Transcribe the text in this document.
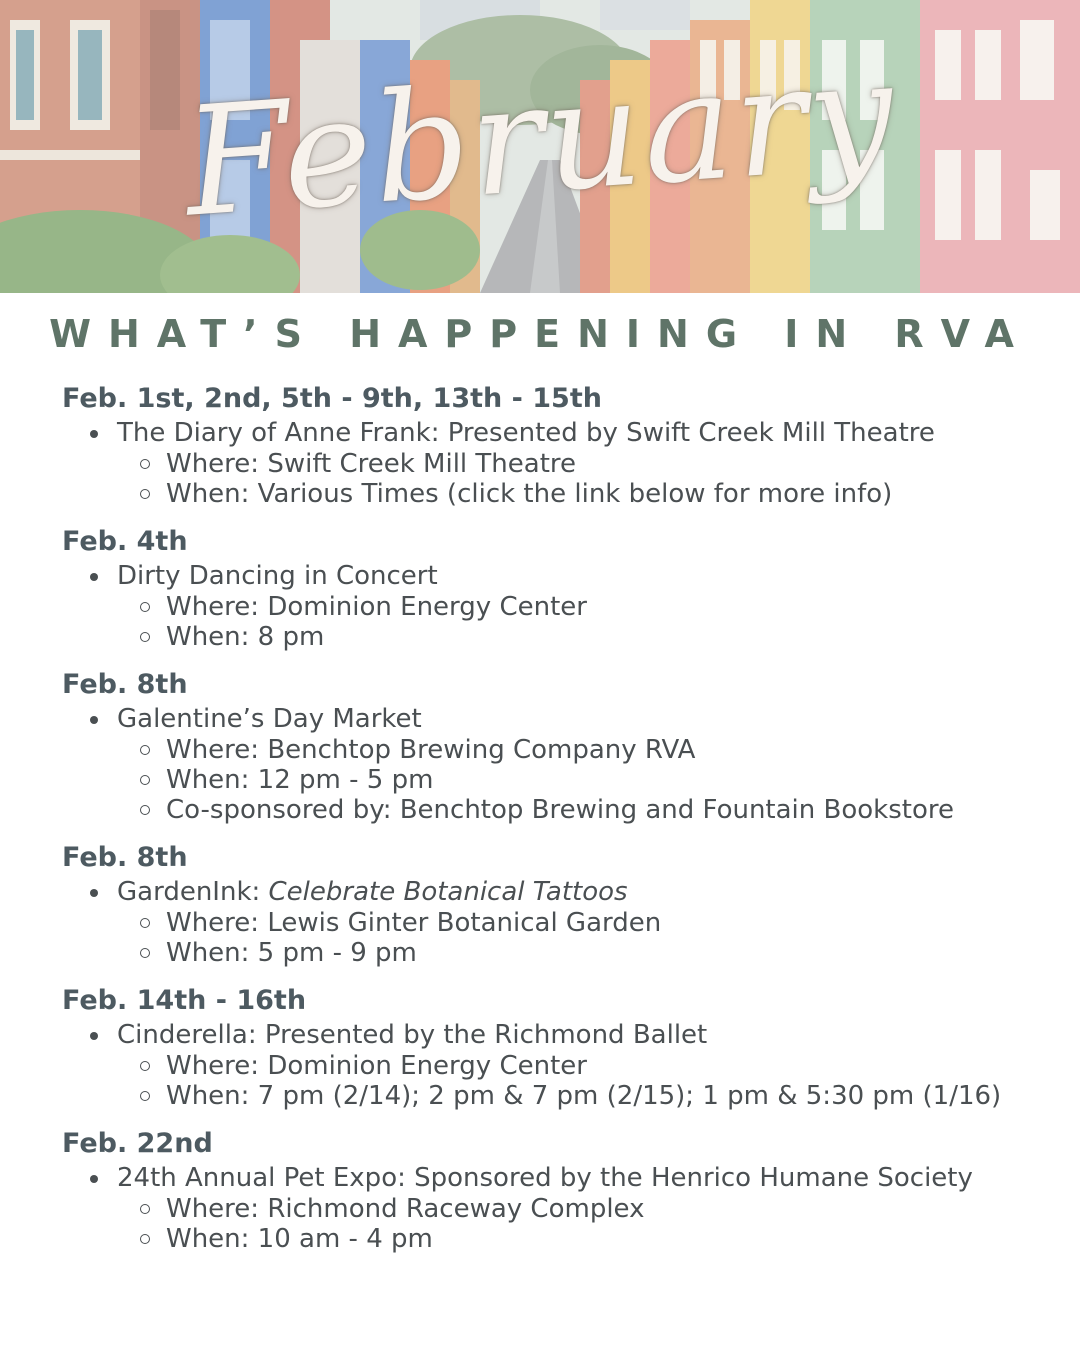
February
WHAT’S HAPPENING IN RVA
Feb. 1st, 2nd, 5th - 9th, 13th - 15th
The Diary of Anne Frank: Presented by Swift Creek Mill Theatre
Where: Swift Creek Mill Theatre
When: Various Times (click the link below for more info)
Feb. 4th
Dirty Dancing in Concert
Where: Dominion Energy Center
When: 8 pm
Feb. 8th
Galentine’s Day Market
Where: Benchtop Brewing Company RVA
When: 12 pm - 5 pm
Co-sponsored by: Benchtop Brewing and Fountain Bookstore
Feb. 8th
GardenInk: Celebrate Botanical Tattoos
Where: Lewis Ginter Botanical Garden
When: 5 pm - 9 pm
Feb. 14th - 16th
Cinderella: Presented by the Richmond Ballet
Where: Dominion Energy Center
When: 7 pm (2/14); 2 pm & 7 pm (2/15); 1 pm & 5:30 pm (1/16)
Feb. 22nd
24th Annual Pet Expo: Sponsored by the Henrico Humane Society
Where: Richmond Raceway Complex
When: 10 am - 4 pm
